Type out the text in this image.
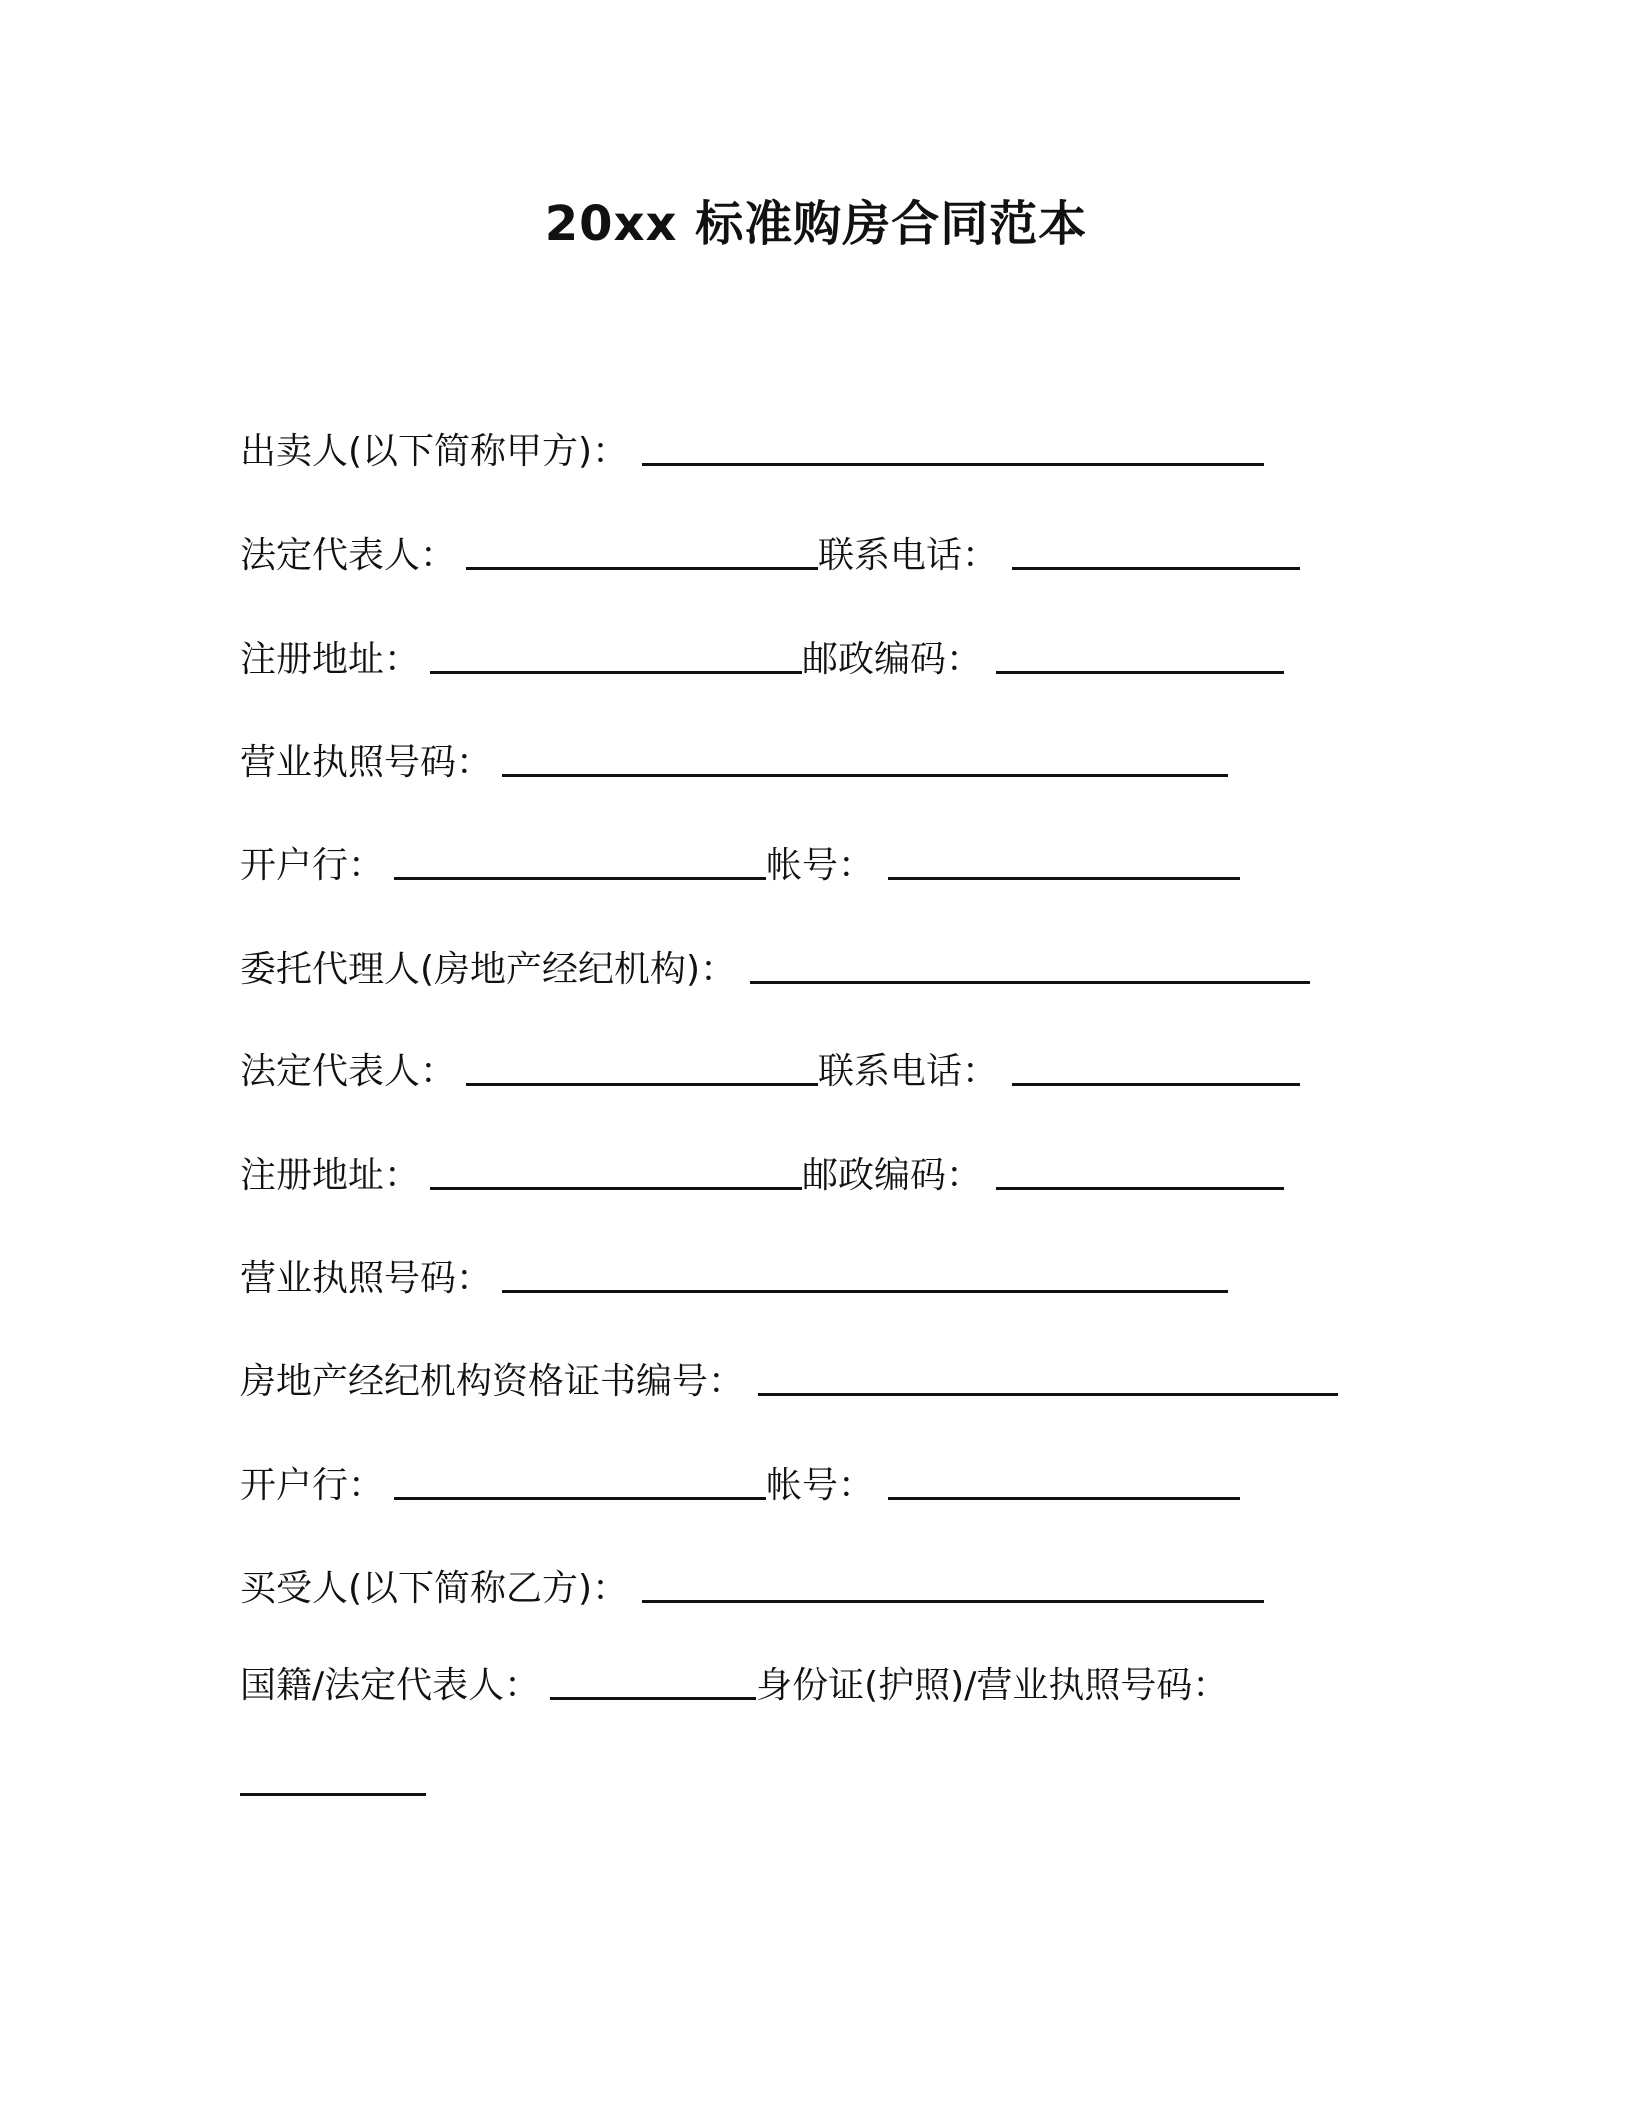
20xx 标准购房合同范本
出卖人(以下简称甲方)：
法定代表人：	联系电话：
注册地址：	邮政编码：
营业执照号码：
开户行：	帐号：
委托代理人(房地产经纪机构)：
法定代表人：	联系电话：
注册地址：	邮政编码：
营业执照号码：
房地产经纪机构资格证书编号：
开户行：	帐号：
买受人(以下简称乙方)：
国籍/法定代表人：	身份证(护照)/营业执照号码：
